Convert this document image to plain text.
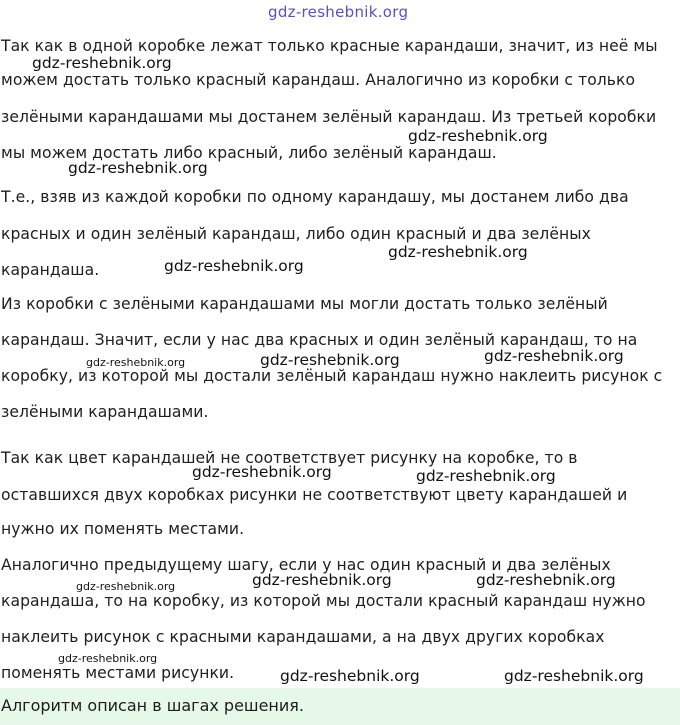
gdz-reshebnik.org
Так как в одной коробке лежат только красные карандаши, значит, из неё мы
можем достать только красный карандаш. Аналогично из коробки с только
зелёными карандашами мы достанем зелёный карандаш. Из третьей коробки
мы можем достать либо красный, либо зелёный карандаш.
Т.е., взяв из каждой коробки по одному карандашу, мы достанем либо два
красных и один зелёный карандаш, либо один красный и два зелёных
карандаша.
Из коробки с зелёными карандашами мы могли достать только зелёный
карандаш. Значит, если у нас два красных и один зелёный карандаш, то на
коробку, из которой мы достали зелёный карандаш нужно наклеить рисунок с
зелёными карандашами.
Так как цвет карандашей не соответствует рисунку на коробке, то в
оставшихся двух коробках рисунки не соответствуют цвету карандашей и
нужно их поменять местами.
Аналогично предыдущему шагу, если у нас один красный и два зелёных
карандаша, то на коробку, из которой мы достали красный карандаш нужно
наклеить рисунок с красными карандашами, а на двух других коробках
поменять местами рисунки.
gdz-reshebnik.org
gdz-reshebnik.org
gdz-reshebnik.org
gdz-reshebnik.org
gdz-reshebnik.org
gdz-reshebnik.org	gdz-reshebnik.org	gdz-reshebnik.org
gdz-reshebnik.org	gdz-reshebnik.org
gdz-reshebnik.org	gdz-reshebnik.org	gdz-reshebnik.org
gdz-reshebnik.org
gdz-reshebnik.org	gdz-reshebnik.org
Алгоритм описан в шагах решения.
